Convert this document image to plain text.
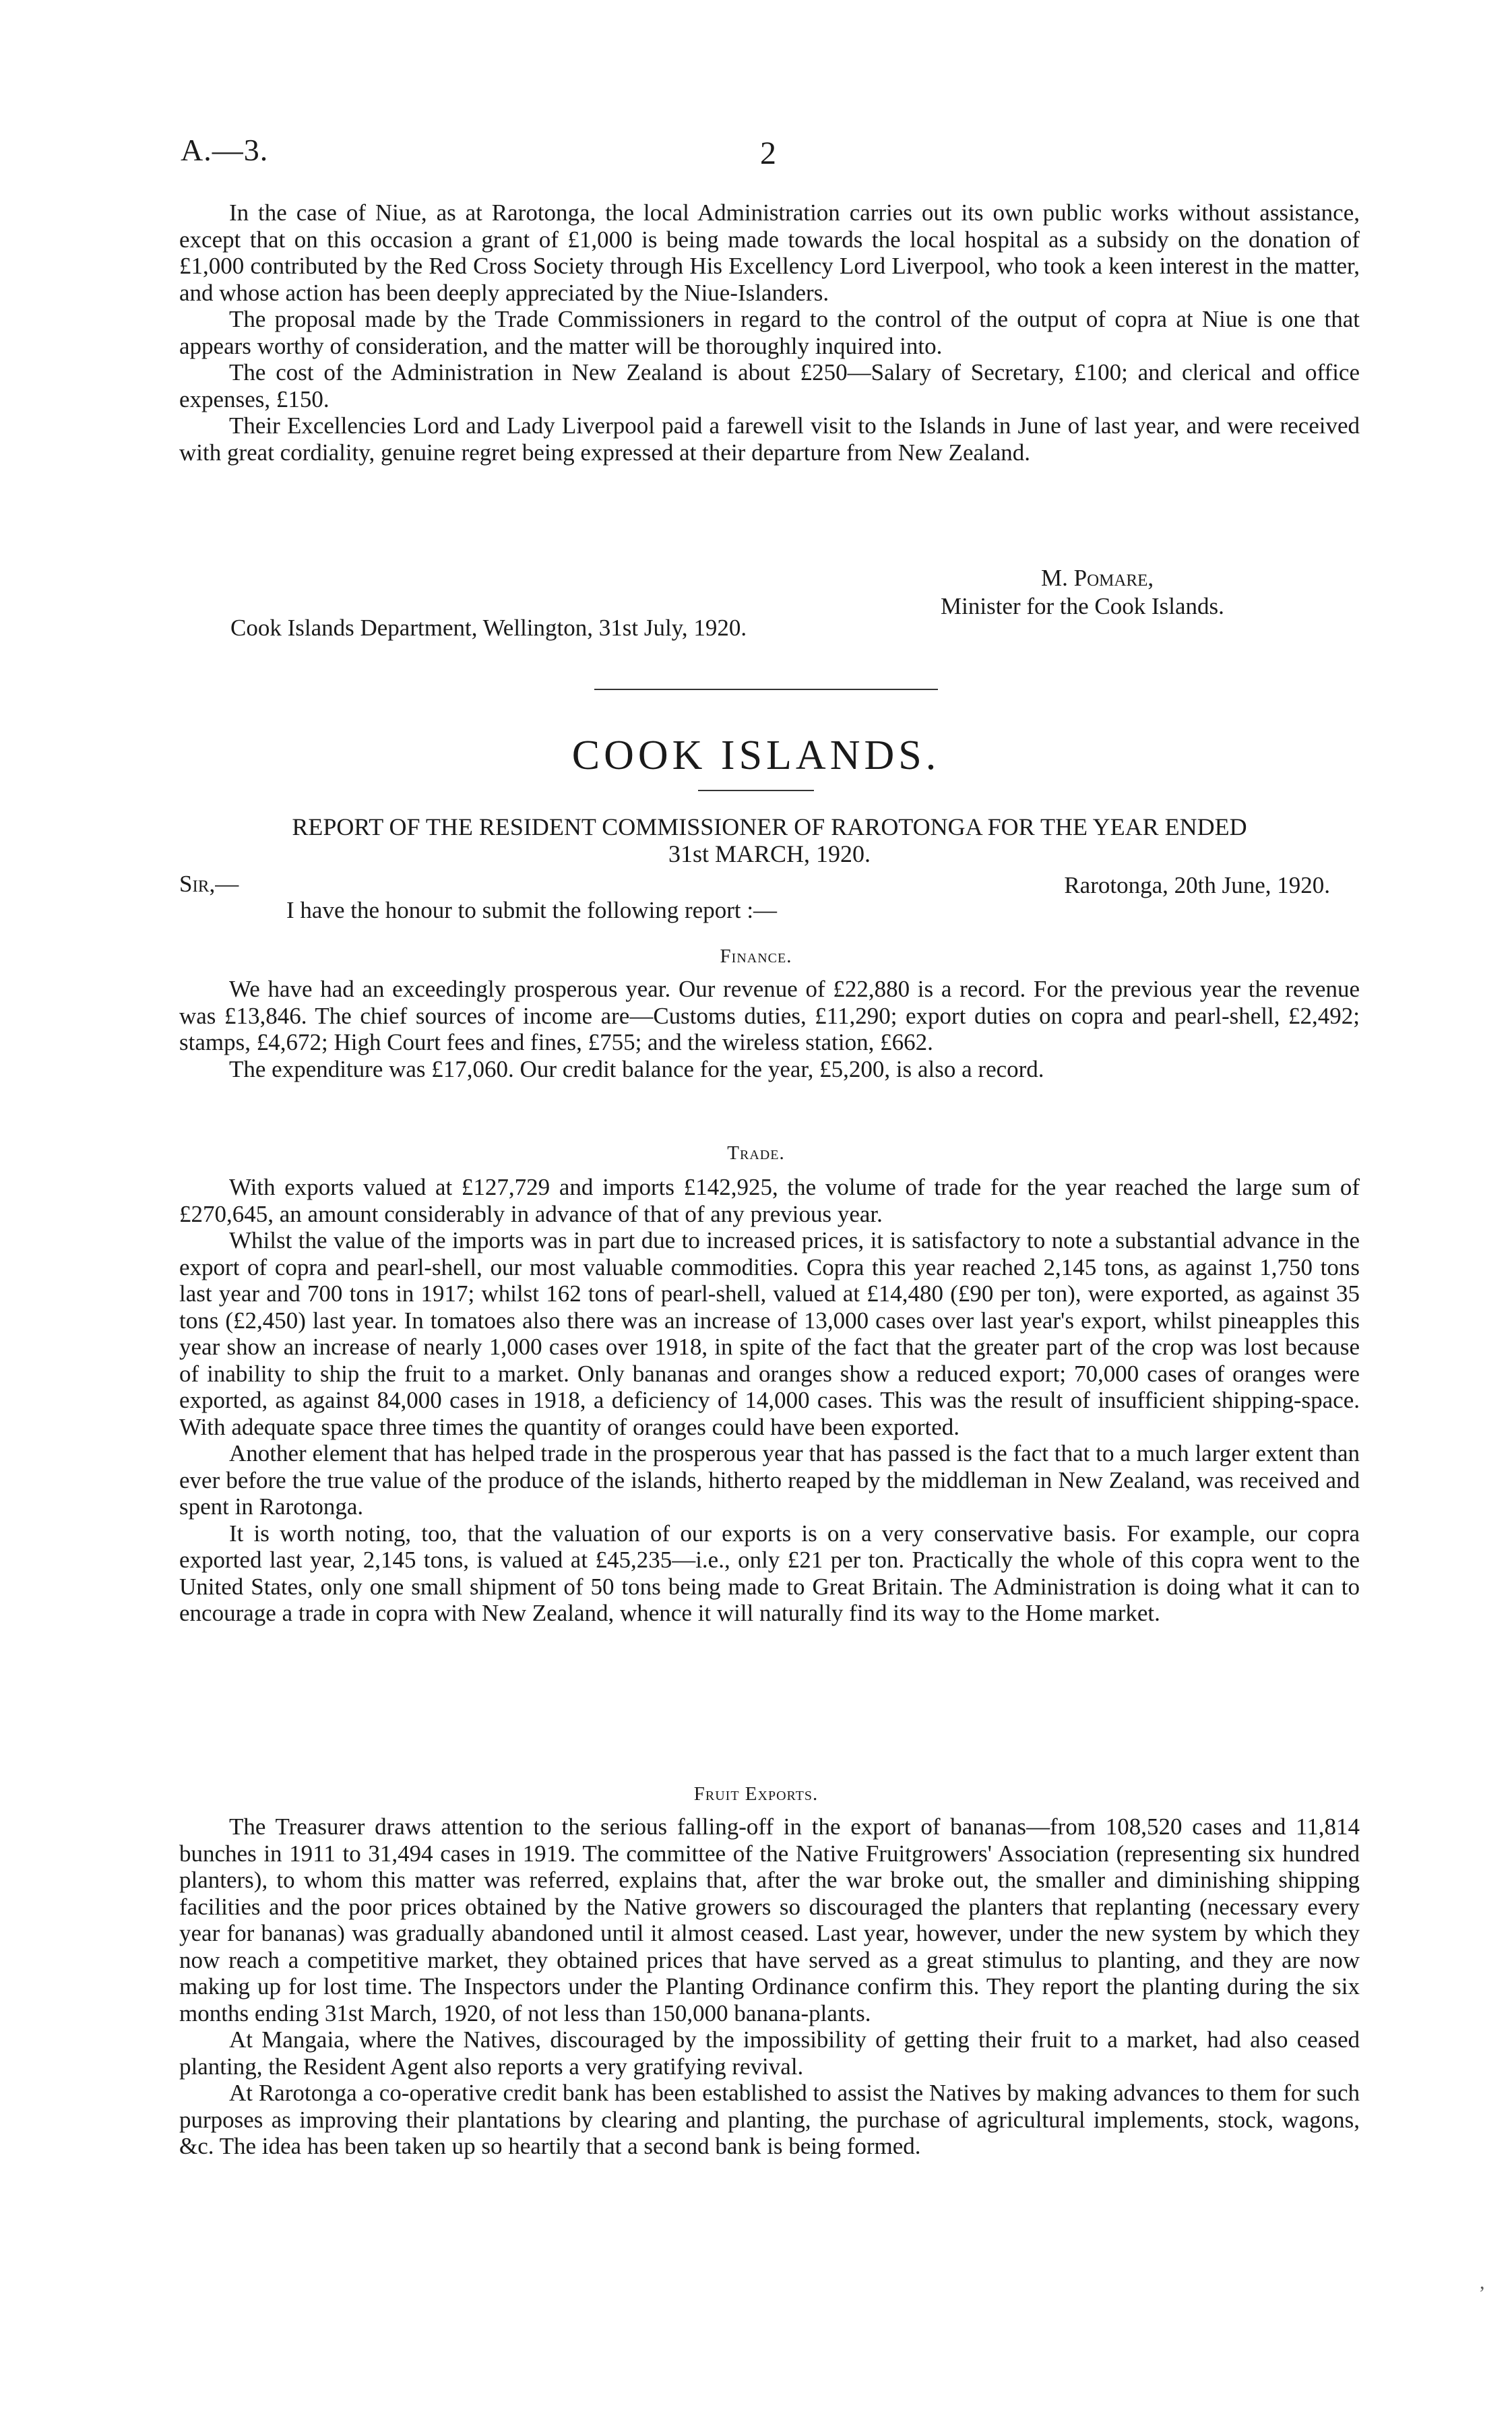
A.—3.	2

In the case of Niue, as at Rarotonga, the local Administration carries out its own public works without assistance, except that on this occasion a grant of £1,000 is being made towards the local hospital as a subsidy on the donation of £1,000 contributed by the Red Cross Society through His Excellency Lord Liverpool, who took a keen interest in the matter, and whose action has been deeply appreciated by the Niue-Islanders.

The proposal made by the Trade Commissioners in regard to the control of the output of copra at Niue is one that appears worthy of consideration, and the matter will be thoroughly inquired into.

The cost of the Administration in New Zealand is about £250—Salary of Secretary, £100; and clerical and office expenses, £150.

Their Excellencies Lord and Lady Liverpool paid a farewell visit to the Islands in June of last year, and were received with great cordiality, genuine regret being expressed at their departure from New Zealand.

M. Pomare,
Minister for the Cook Islands.
Cook Islands Department, Wellington, 31st July, 1920.
COOK ISLANDS.
REPORT OF THE RESIDENT COMMISSIONER OF RAROTONGA FOR THE YEAR ENDED
31st MARCH, 1920.
Sir,—	Rarotonga, 20th June, 1920.
I have the honour to submit the following report :—
Finance.

We have had an exceedingly prosperous year. Our revenue of £22,880 is a record. For the previous year the revenue was £13,846. The chief sources of income are—Customs duties, £11,290; export duties on copra and pearl-shell, £2,492; stamps, £4,672; High Court fees and fines, £755; and the wireless station, £662.

The expenditure was £17,060. Our credit balance for the year, £5,200, is also a record.

Trade.

With exports valued at £127,729 and imports £142,925, the volume of trade for the year reached the large sum of £270,645, an amount considerably in advance of that of any previous year.

Whilst the value of the imports was in part due to increased prices, it is satisfactory to note a substantial advance in the export of copra and pearl-shell, our most valuable commodities. Copra this year reached 2,145 tons, as against 1,750 tons last year and 700 tons in 1917; whilst 162 tons of pearl-shell, valued at £14,480 (£90 per ton), were exported, as against 35 tons (£2,450) last year. In tomatoes also there was an increase of 13,000 cases over last year's export, whilst pineapples this year show an increase of nearly 1,000 cases over 1918, in spite of the fact that the greater part of the crop was lost because of inability to ship the fruit to a market. Only bananas and oranges show a reduced export; 70,000 cases of oranges were exported, as against 84,000 cases in 1918, a deficiency of 14,000 cases. This was the result of insufficient shipping-space. With adequate space three times the quantity of oranges could have been exported.

Another element that has helped trade in the prosperous year that has passed is the fact that to a much larger extent than ever before the true value of the produce of the islands, hitherto reaped by the middleman in New Zealand, was received and spent in Rarotonga.

It is worth noting, too, that the valuation of our exports is on a very conservative basis. For example, our copra exported last year, 2,145 tons, is valued at £45,235—i.e., only £21 per ton. Practically the whole of this copra went to the United States, only one small shipment of 50 tons being made to Great Britain. The Administration is doing what it can to encourage a trade in copra with New Zealand, whence it will naturally find its way to the Home market.

Fruit Exports.

The Treasurer draws attention to the serious falling-off in the export of bananas—from 108,520 cases and 11,814 bunches in 1911 to 31,494 cases in 1919. The committee of the Native Fruitgrowers' Association (representing six hundred planters), to whom this matter was referred, explains that, after the war broke out, the smaller and diminishing shipping facilities and the poor prices obtained by the Native growers so discouraged the planters that replanting (necessary every year for bananas) was gradually abandoned until it almost ceased. Last year, however, under the new system by which they now reach a competitive market, they obtained prices that have served as a great stimulus to planting, and they are now making up for lost time. The Inspectors under the Planting Ordinance confirm this. They report the planting during the six months ending 31st March, 1920, of not less than 150,000 banana-plants.

At Mangaia, where the Natives, discouraged by the impossibility of getting their fruit to a market, had also ceased planting, the Resident Agent also reports a very gratifying revival.

At Rarotonga a co-operative credit bank has been established to assist the Natives by making advances to them for such purposes as improving their plantations by clearing and planting, the purchase of agricultural implements, stock, wagons, &c. The idea has been taken up so heartily that a second bank is being formed.

,
